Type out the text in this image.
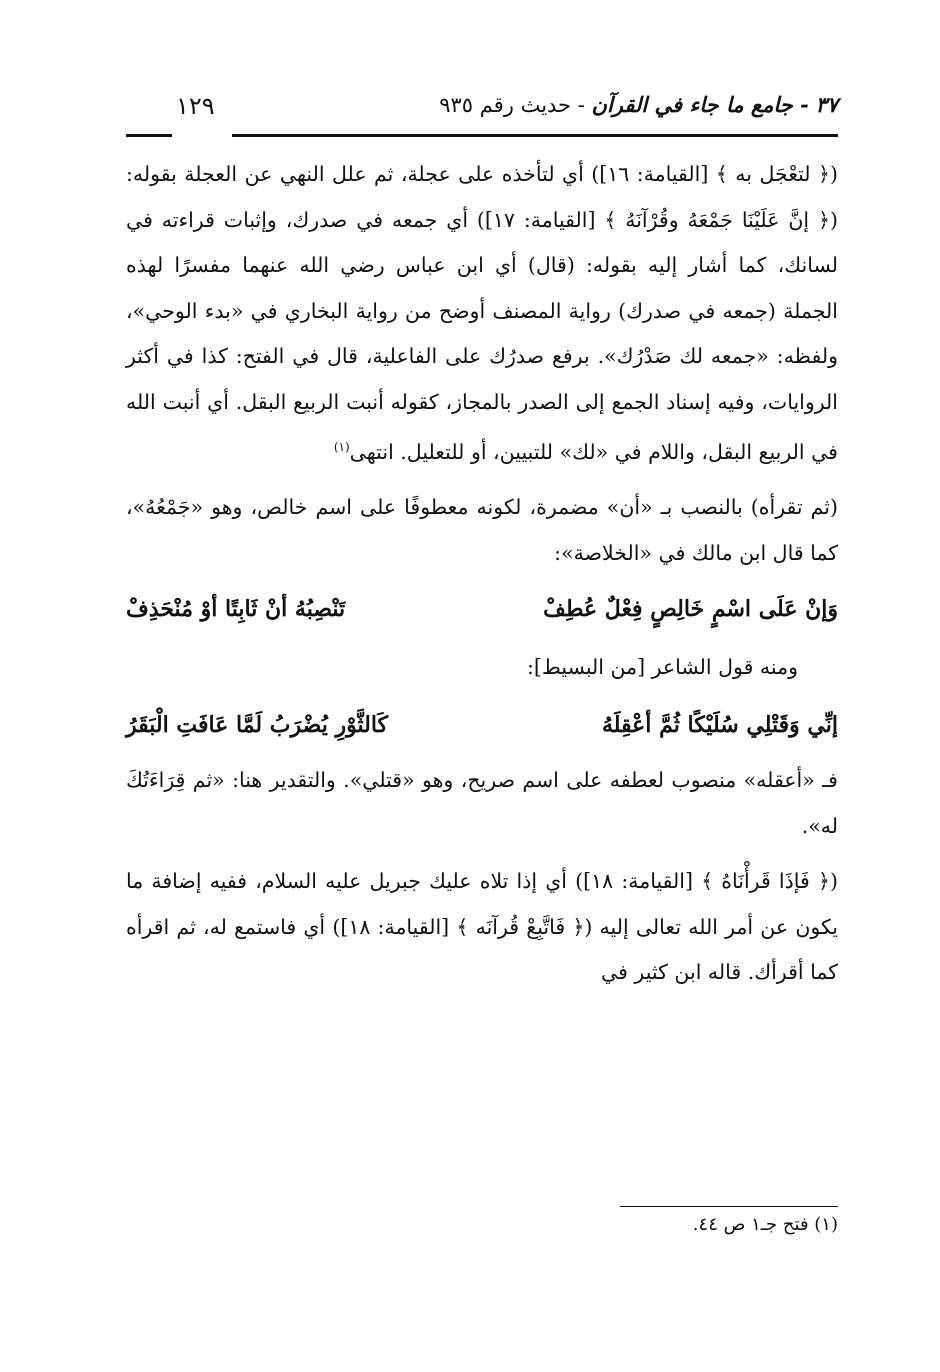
٣٧ - جامع ما جاء في القرآن - حديث رقم ٩٣٥
١٢٩

(﴿ لتعْجَل به ﴾ [القيامة: ١٦]) أي لتأخذه على عجلة، ثم علل النهي عن العجلة بقوله: (﴿ إنَّ عَلَيْنَا جَمْعَهُ وقُرْآنَهُ ﴾ [القيامة: ١٧]) أي جمعه في صدرك، وإثبات قراءته في لسانك، كما أشار إليه بقوله: (قال) أي ابن عباس رضي الله عنهما مفسرًا لهذه الجملة (جمعه في صدرك) رواية المصنف أوضح من رواية البخاري في «بدء الوحي»، ولفظه: «جمعه لك صَدْرُك». برفع صدرُك على الفاعلية، قال في الفتح: كذا في أكثر الروايات، وفيه إسناد الجمع إلى الصدر بالمجاز، كقوله أنبت الربيع البقل. أي أنبت الله في الربيع البقل، واللام في «لك» للتبيين، أو للتعليل. انتهى$^{(١)}$

(ثم تقرأه) بالنصب بـ «أن» مضمرة، لكونه معطوفًا على اسم خالص، وهو «جَمْعُهُ»، كما قال ابن مالك في «الخلاصة»:

وَإنْ عَلَى اسْمٍ خَالِصٍ فِعْلٌ عُطِفْ
تَنْصِبُهُ أنْ ثَابِتًا أوْ مُنْحَذِفْ

ومنه قول الشاعر [من البسيط]:

إنِّي وَقَتْلِي سُلَيْكًا ثُمَّ أعْقِلَهُ
كَالثَّوْرِ يُضْرَبُ لَمَّا عَافَتِ الْبَقَرُ

فـ «أعقله» منصوب لعطفه على اسم صريح، وهو «قتلي». والتقدير هنا: «ثم قِرَاءَتُكَ له».

(﴿ فَإذَا قَرأْنَاهُ ﴾ [القيامة: ١٨]) أي إذا تلاه عليك جبريل عليه السلام، ففيه إضافة ما يكون عن أمر الله تعالى إليه (﴿ فَاتَّبِعْ قُرآنَه ﴾ [القيامة: ١٨]) أي فاستمع له، ثم اقرأه كما أقرأك. قاله ابن كثير في

(١) فتح جـ١ ص ٤٤.
